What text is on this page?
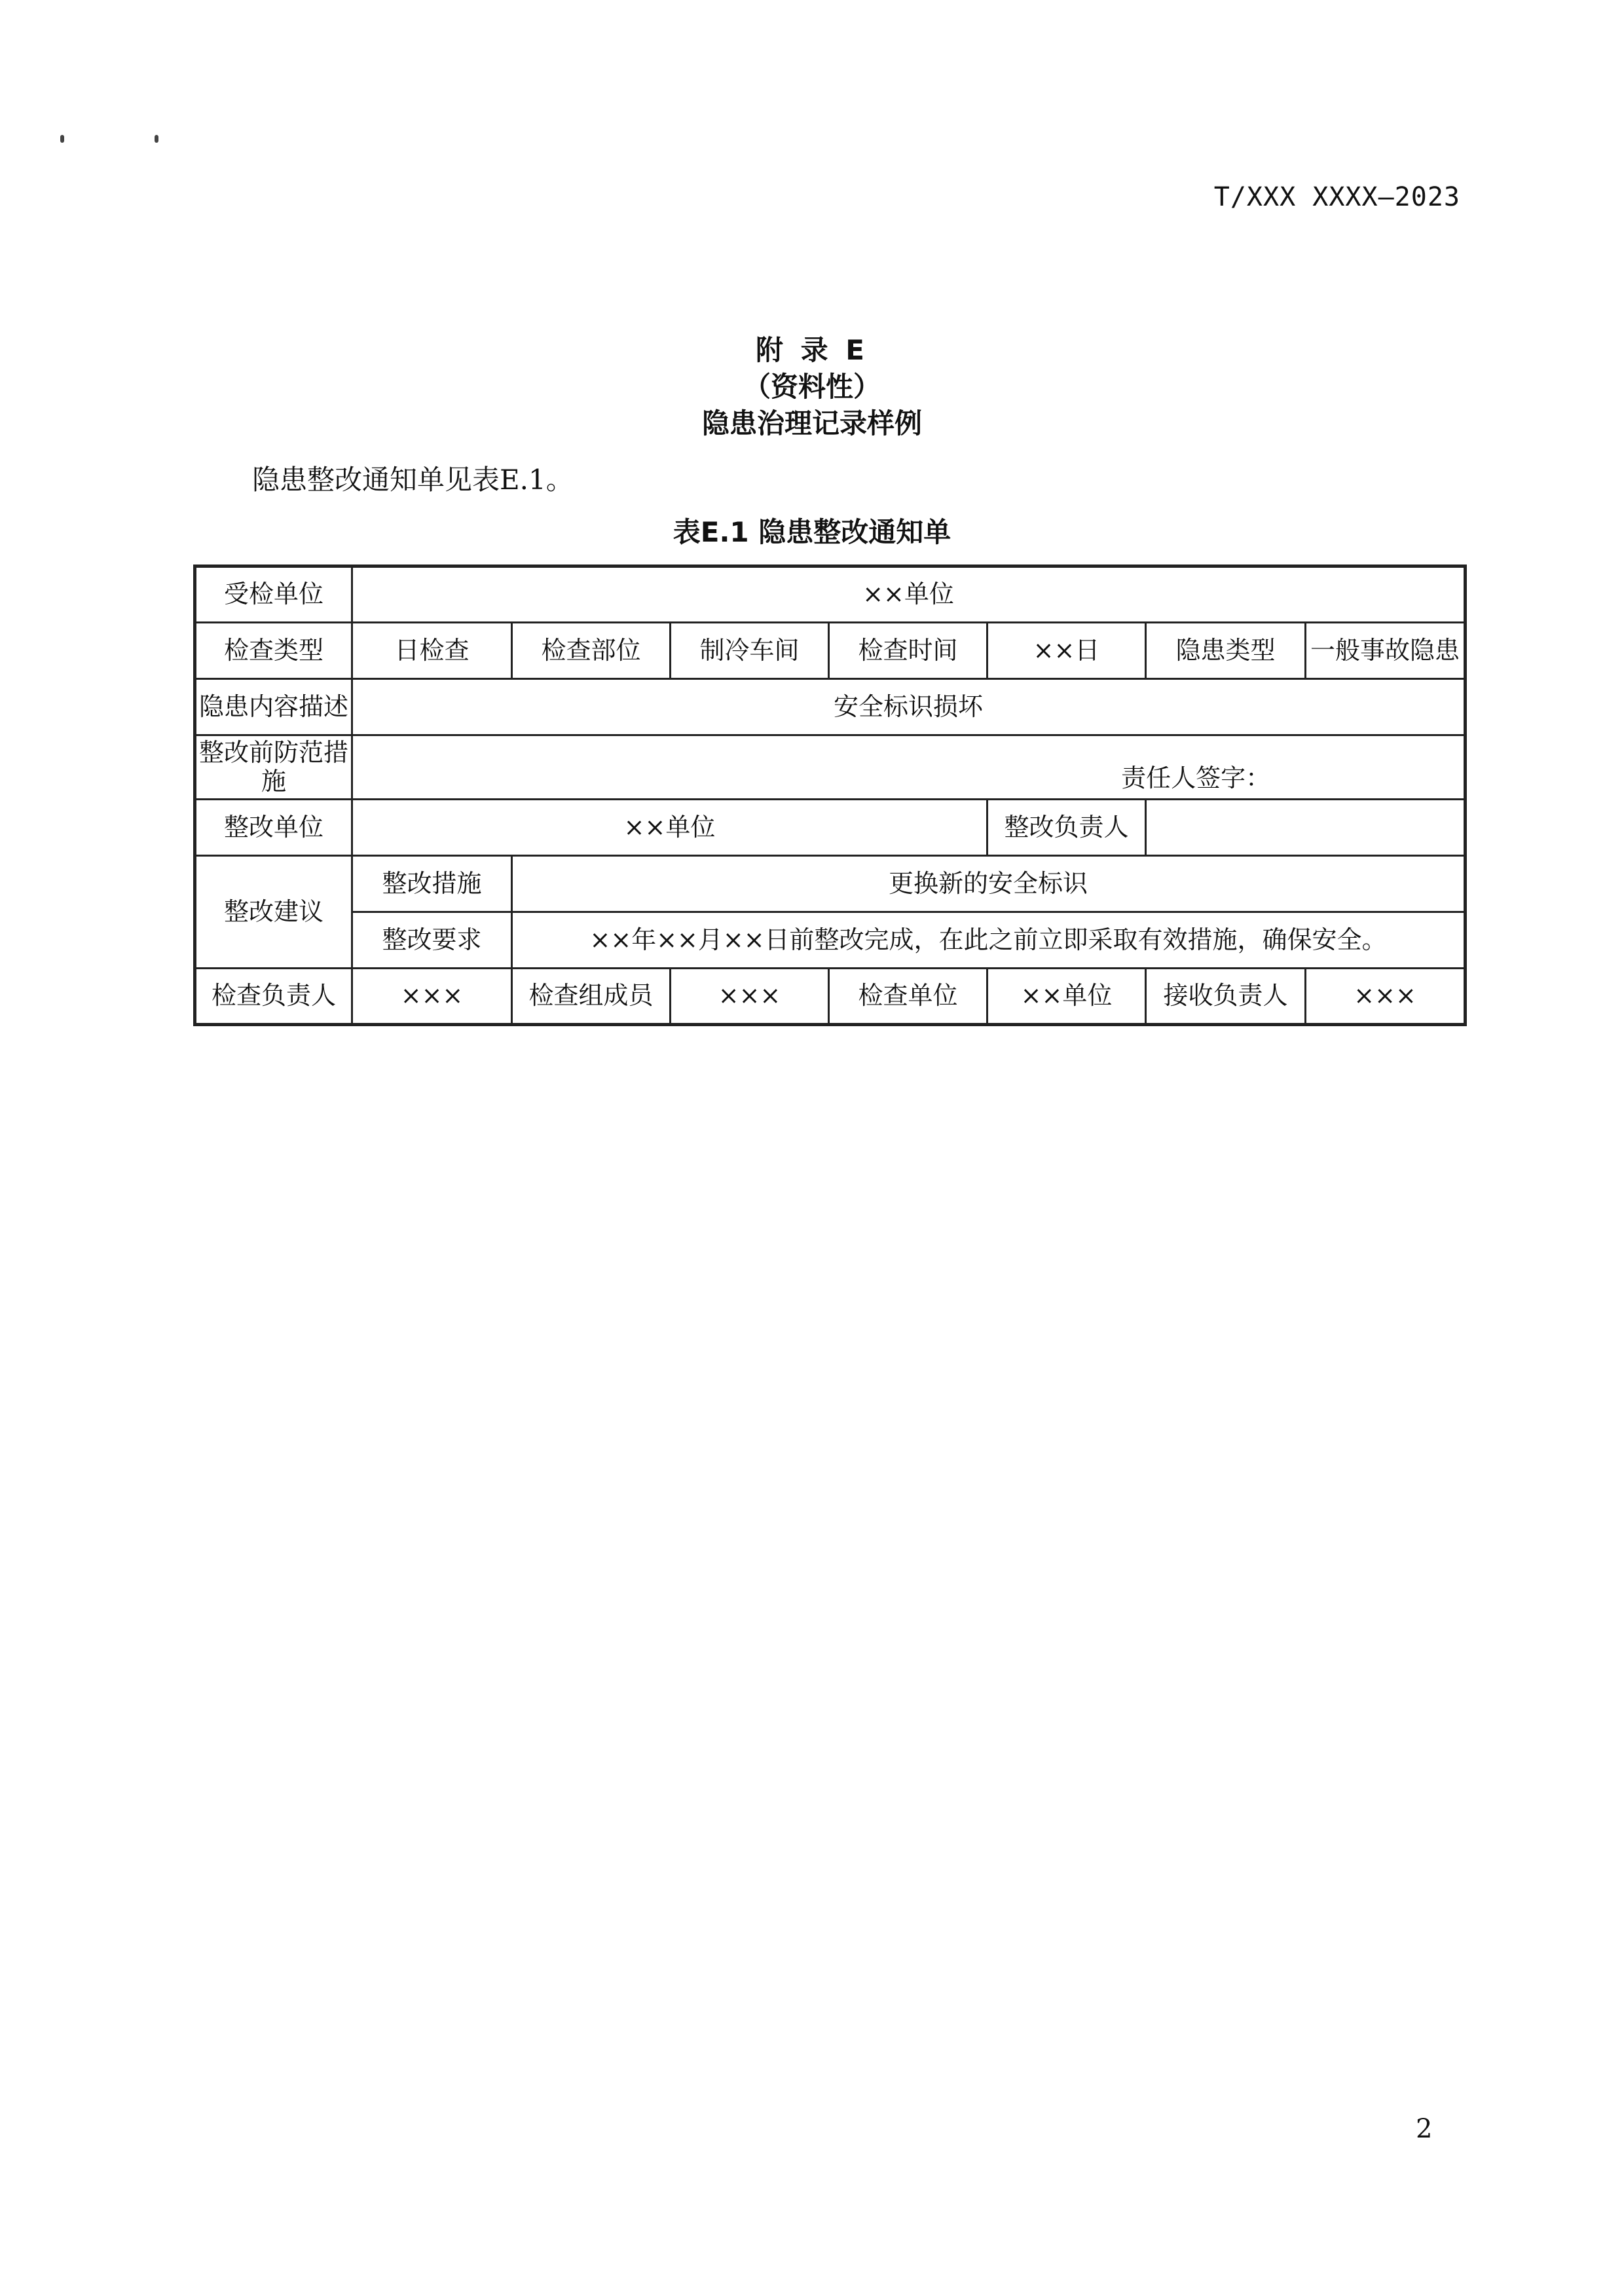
T/XXX XXXX—2023
附 录 E
（资料性）
隐患治理记录样例
隐患整改通知单见表E.1。
表E.1 隐患整改通知单
受检单位	××单位						
检查类型	日检查	检查部位	制冷车间	检查时间	××日	隐患类型	一般事故隐患
隐患内容描述	安全标识损坏						
整改前防范措施	责任人签字：						

整改单位	××单位				整改负责人		
整改建议	整改措施	更换新的安全标识					
	整改要求	××年××月××日前整改完成，在此之前立即采取有效措施，确保安全。					
检查负责人	×××	检查组成员	×××	检查单位	××单位	接收负责人	×××
2
